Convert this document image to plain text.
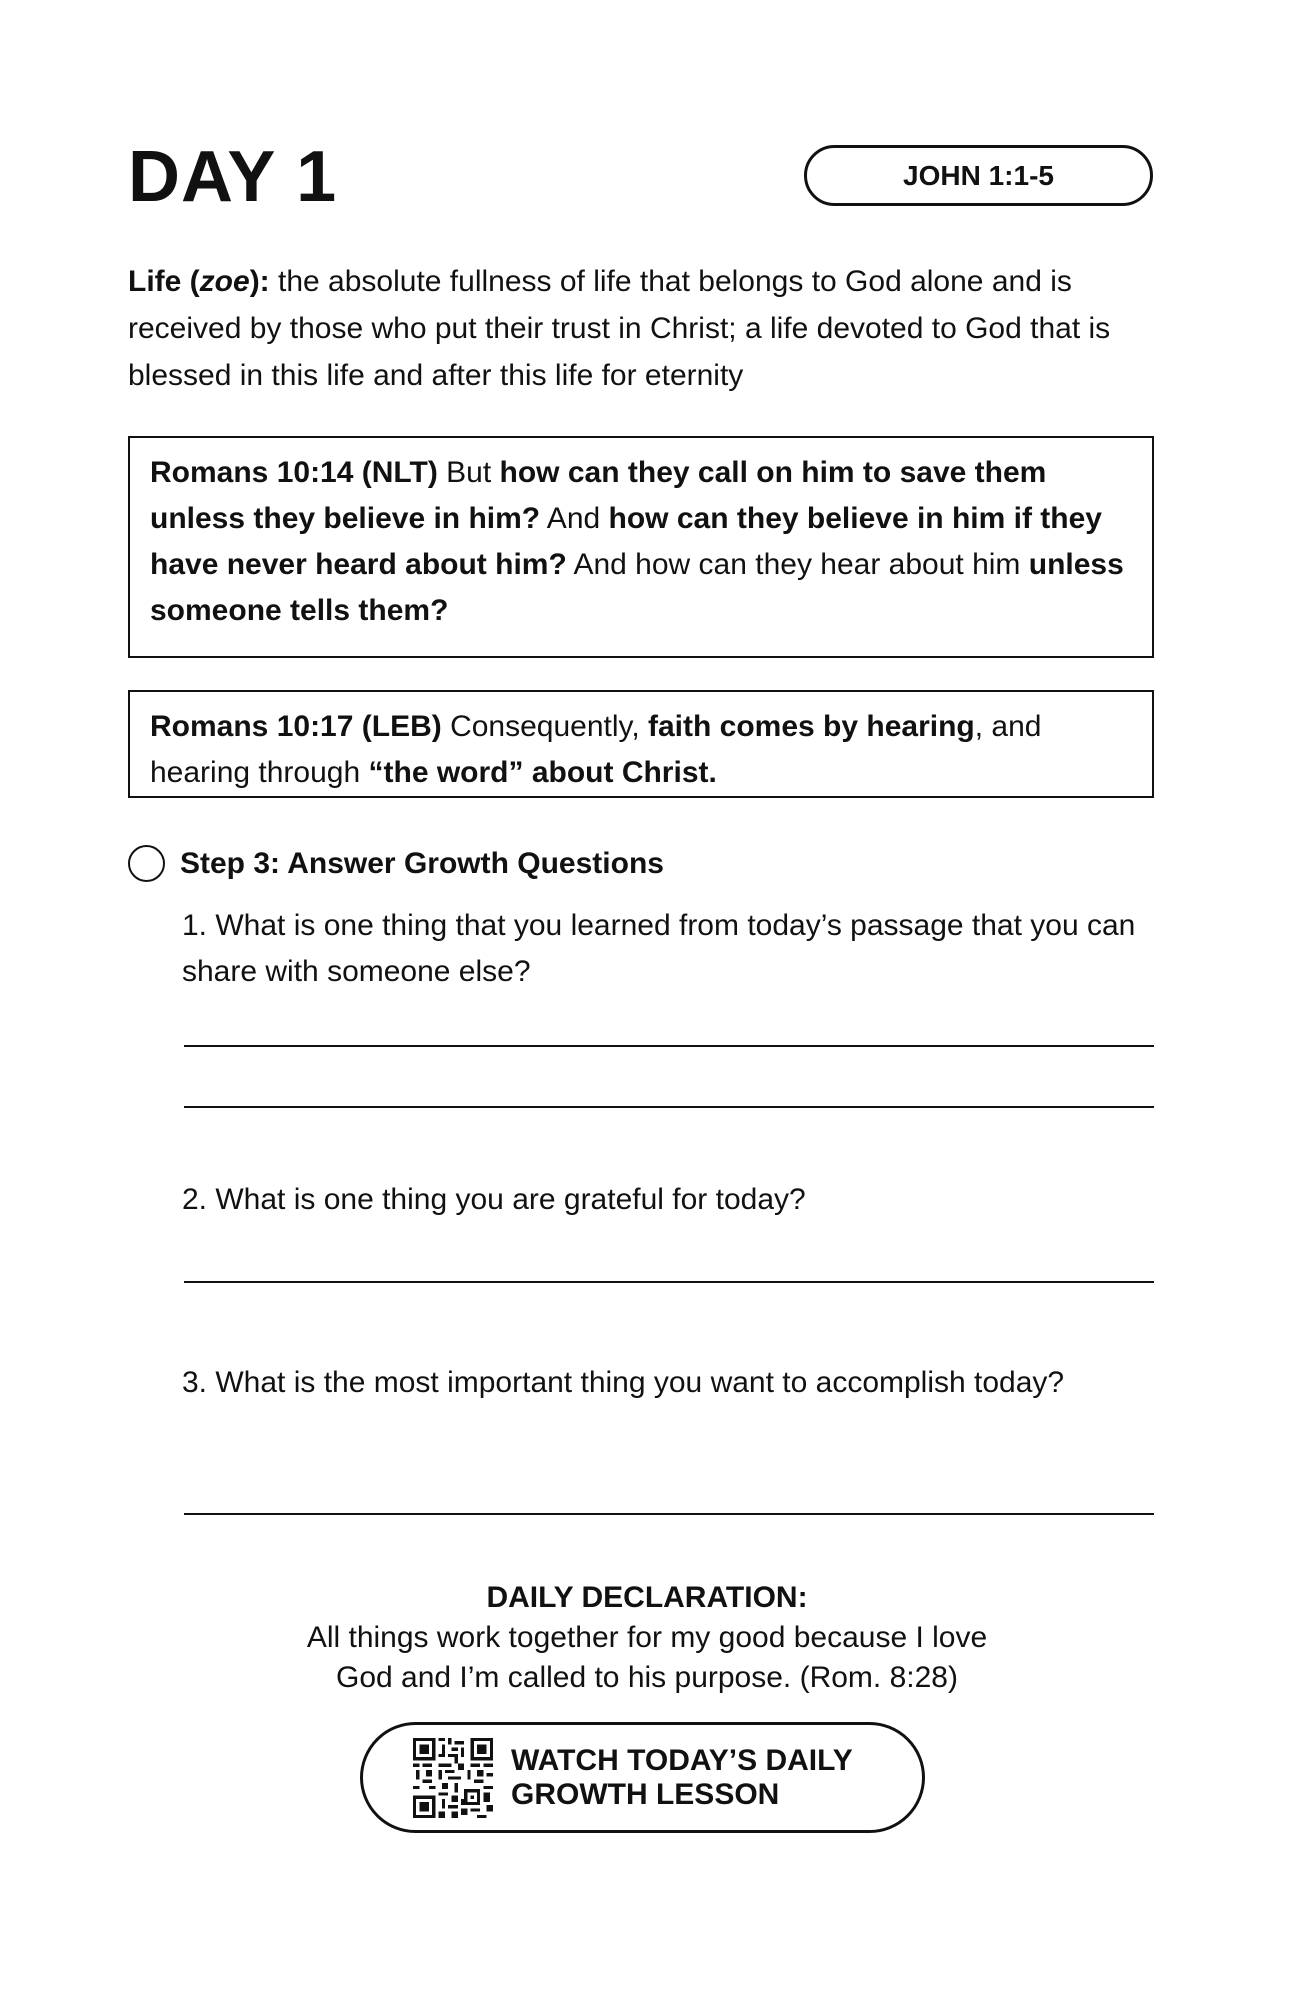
DAY 1	JOHN 1:1-5

Life (zoe): the absolute fullness of life that belongs to God alone and is received by those who put their trust in Christ; a life devoted to God that is blessed in this life and after this life for eternity

Romans 10:14 (NLT) But how can they call on him to save them unless they believe in him? And how can they believe in him if they have never heard about him? And how can they hear about him unless someone tells them?
Romans 10:17 (LEB) Consequently, faith comes by hearing, and hearing through “the word” about Christ.
Step 3: Answer Growth Questions
1. What is one thing that you learned from today’s passage that you can share with someone else?
2. What is one thing you are grateful for today?
3. What is the most important thing you want to accomplish today?
DAILY DECLARATION:
All things work together for my good because I love
God and I’m called to his purpose. (Rom. 8:28)
WATCH TODAY’S DAILY
GROWTH LESSON
